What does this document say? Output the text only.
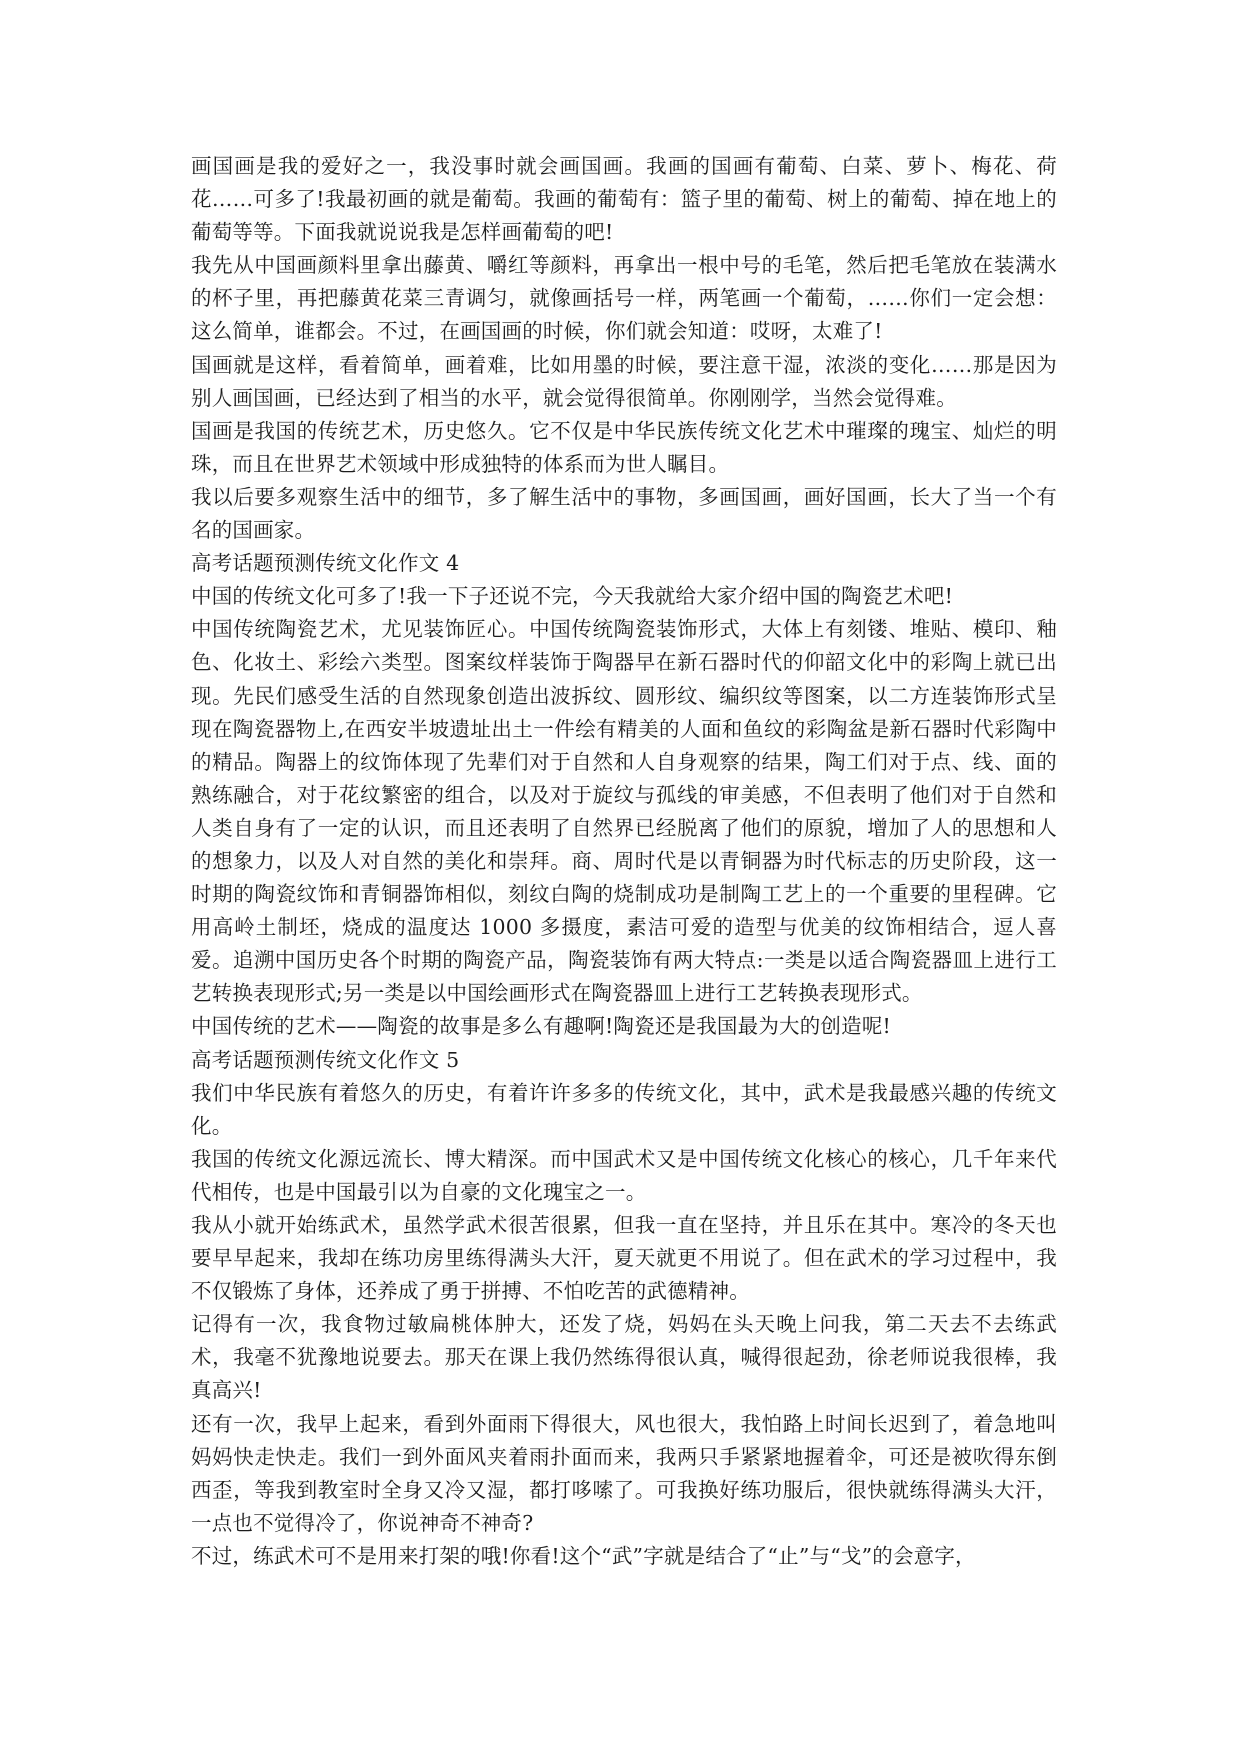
画国画是我的爱好之一，我没事时就会画国画。我画的国画有葡萄、白菜、萝卜、梅花、荷花……可多了!我最初画的就是葡萄。我画的葡萄有：篮子里的葡萄、树上的葡萄、掉在地上的葡萄等等。下面我就说说我是怎样画葡萄的吧!

我先从中国画颜料里拿出藤黄、嚼红等颜料，再拿出一根中号的毛笔，然后把毛笔放在装满水的杯子里，再把藤黄花菜三青调匀，就像画括号一样，两笔画一个葡萄，……你们一定会想：这么简单，谁都会。不过，在画国画的时候，你们就会知道：哎呀，太难了!

国画就是这样，看着简单，画着难，比如用墨的时候，要注意干湿，浓淡的变化……那是因为别人画国画，已经达到了相当的水平，就会觉得很简单。你刚刚学，当然会觉得难。

国画是我国的传统艺术，历史悠久。它不仅是中华民族传统文化艺术中璀璨的瑰宝、灿烂的明珠，而且在世界艺术领域中形成独特的体系而为世人瞩目。

我以后要多观察生活中的细节，多了解生活中的事物，多画国画，画好国画，长大了当一个有名的国画家。

高考话题预测传统文化作文 4

中国的传统文化可多了!我一下子还说不完，今天我就给大家介绍中国的陶瓷艺术吧!

中国传统陶瓷艺术，尤见装饰匠心。中国传统陶瓷装饰形式，大体上有刻镂、堆贴、模印、釉色、化妆土、彩绘六类型。图案纹样装饰于陶器早在新石器时代的仰韶文化中的彩陶上就已出现。先民们感受生活的自然现象创造出波拆纹、圆形纹、编织纹等图案，以二方连装饰形式呈现在陶瓷器物上,在西安半坡遗址出土一件绘有精美的人面和鱼纹的彩陶盆是新石器时代彩陶中的精品。陶器上的纹饰体现了先辈们对于自然和人自身观察的结果，陶工们对于点、线、面的熟练融合，对于花纹繁密的组合，以及对于旋纹与孤线的审美感，不但表明了他们对于自然和人类自身有了一定的认识，而且还表明了自然界已经脱离了他们的原貌，增加了人的思想和人的想象力，以及人对自然的美化和崇拜。商、周时代是以青铜器为时代标志的历史阶段，这一时期的陶瓷纹饰和青铜器饰相似，刻纹白陶的烧制成功是制陶工艺上的一个重要的里程碑。它用高岭土制坯，烧成的温度达 1000 多摄度，素洁可爱的造型与优美的纹饰相结合，逗人喜爱。追溯中国历史各个时期的陶瓷产品，陶瓷装饰有两大特点:一类是以适合陶瓷器皿上进行工艺转换表现形式;另一类是以中国绘画形式在陶瓷器皿上进行工艺转换表现形式。

中国传统的艺术——陶瓷的故事是多么有趣啊!陶瓷还是我国最为大的创造呢!

高考话题预测传统文化作文 5

我们中华民族有着悠久的历史，有着许许多多的传统文化，其中，武术是我最感兴趣的传统文化。

我国的传统文化源远流长、博大精深。而中国武术又是中国传统文化核心的核心，几千年来代代相传，也是中国最引以为自豪的文化瑰宝之一。

我从小就开始练武术，虽然学武术很苦很累，但我一直在坚持，并且乐在其中。寒冷的冬天也要早早起来，我却在练功房里练得满头大汗，夏天就更不用说了。但在武术的学习过程中，我不仅锻炼了身体，还养成了勇于拼搏、不怕吃苦的武德精神。

记得有一次，我食物过敏扁桃体肿大，还发了烧，妈妈在头天晚上问我，第二天去不去练武术，我毫不犹豫地说要去。那天在课上我仍然练得很认真，喊得很起劲，徐老师说我很棒，我真高兴!

还有一次，我早上起来，看到外面雨下得很大，风也很大，我怕路上时间长迟到了，着急地叫妈妈快走快走。我们一到外面风夹着雨扑面而来，我两只手紧紧地握着伞，可还是被吹得东倒西歪，等我到教室时全身又冷又湿，都打哆嗦了。可我换好练功服后，很快就练得满头大汗，一点也不觉得冷了，你说神奇不神奇?

不过，练武术可不是用来打架的哦!你看!这个“武”字就是结合了“止”与“戈”的会意字，
